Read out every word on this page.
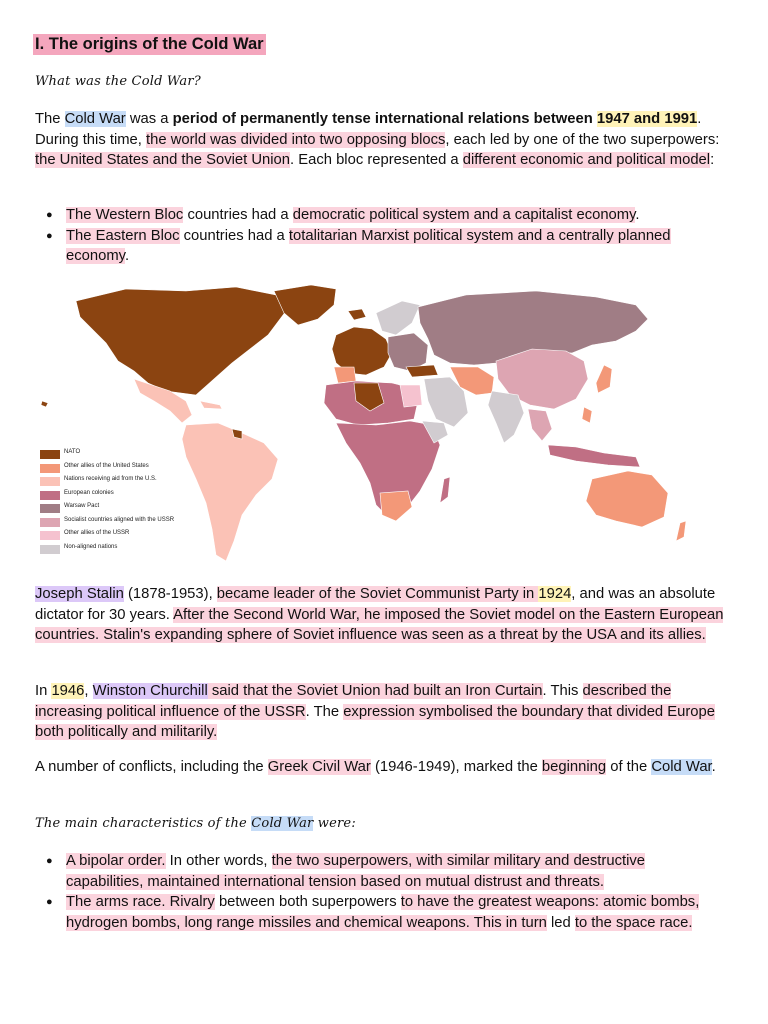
I. The origins of the Cold War
What was the Cold War?

The Cold War was a period of permanently tense international relations between 1947 and 1991. During this time, the world was divided into two opposing blocs, each led by one of the two superpowers: the United States and the Soviet Union. Each bloc represented a different economic and political model:

● The Western Bloc countries had a democratic political system and a capitalist economy.
● The Eastern Bloc countries had a totalitarian Marxist political system and a centrally planned economy.
NATO
Other allies of the United States
Nations receiving aid from the U.S.
European colonies
Warsaw Pact
Socialist countries aligned with the USSR
Other allies of the USSR
Non-aligned nations

Joseph Stalin (1878-1953), became leader of the Soviet Communist Party in 1924, and was an absolute dictator for 30 years. After the Second World War, he imposed the Soviet model on the Eastern European countries. Stalin's expanding sphere of Soviet influence was seen as a threat by the USA and its allies.

In 1946, Winston Churchill said that the Soviet Union had built an Iron Curtain. This described the increasing political influence of the USSR. The expression symbolised the boundary that divided Europe both politically and militarily.

A number of conflicts, including the Greek Civil War (1946-1949), marked the beginning of the Cold War.

The main characteristics of the Cold War were:
● A bipolar order. In other words, the two superpowers, with similar military and destructive capabilities, maintained international tension based on mutual distrust and threats.
● The arms race. Rivalry between both superpowers to have the greatest weapons: atomic bombs, hydrogen bombs, long range missiles and chemical weapons. This in turn led to the space race.
